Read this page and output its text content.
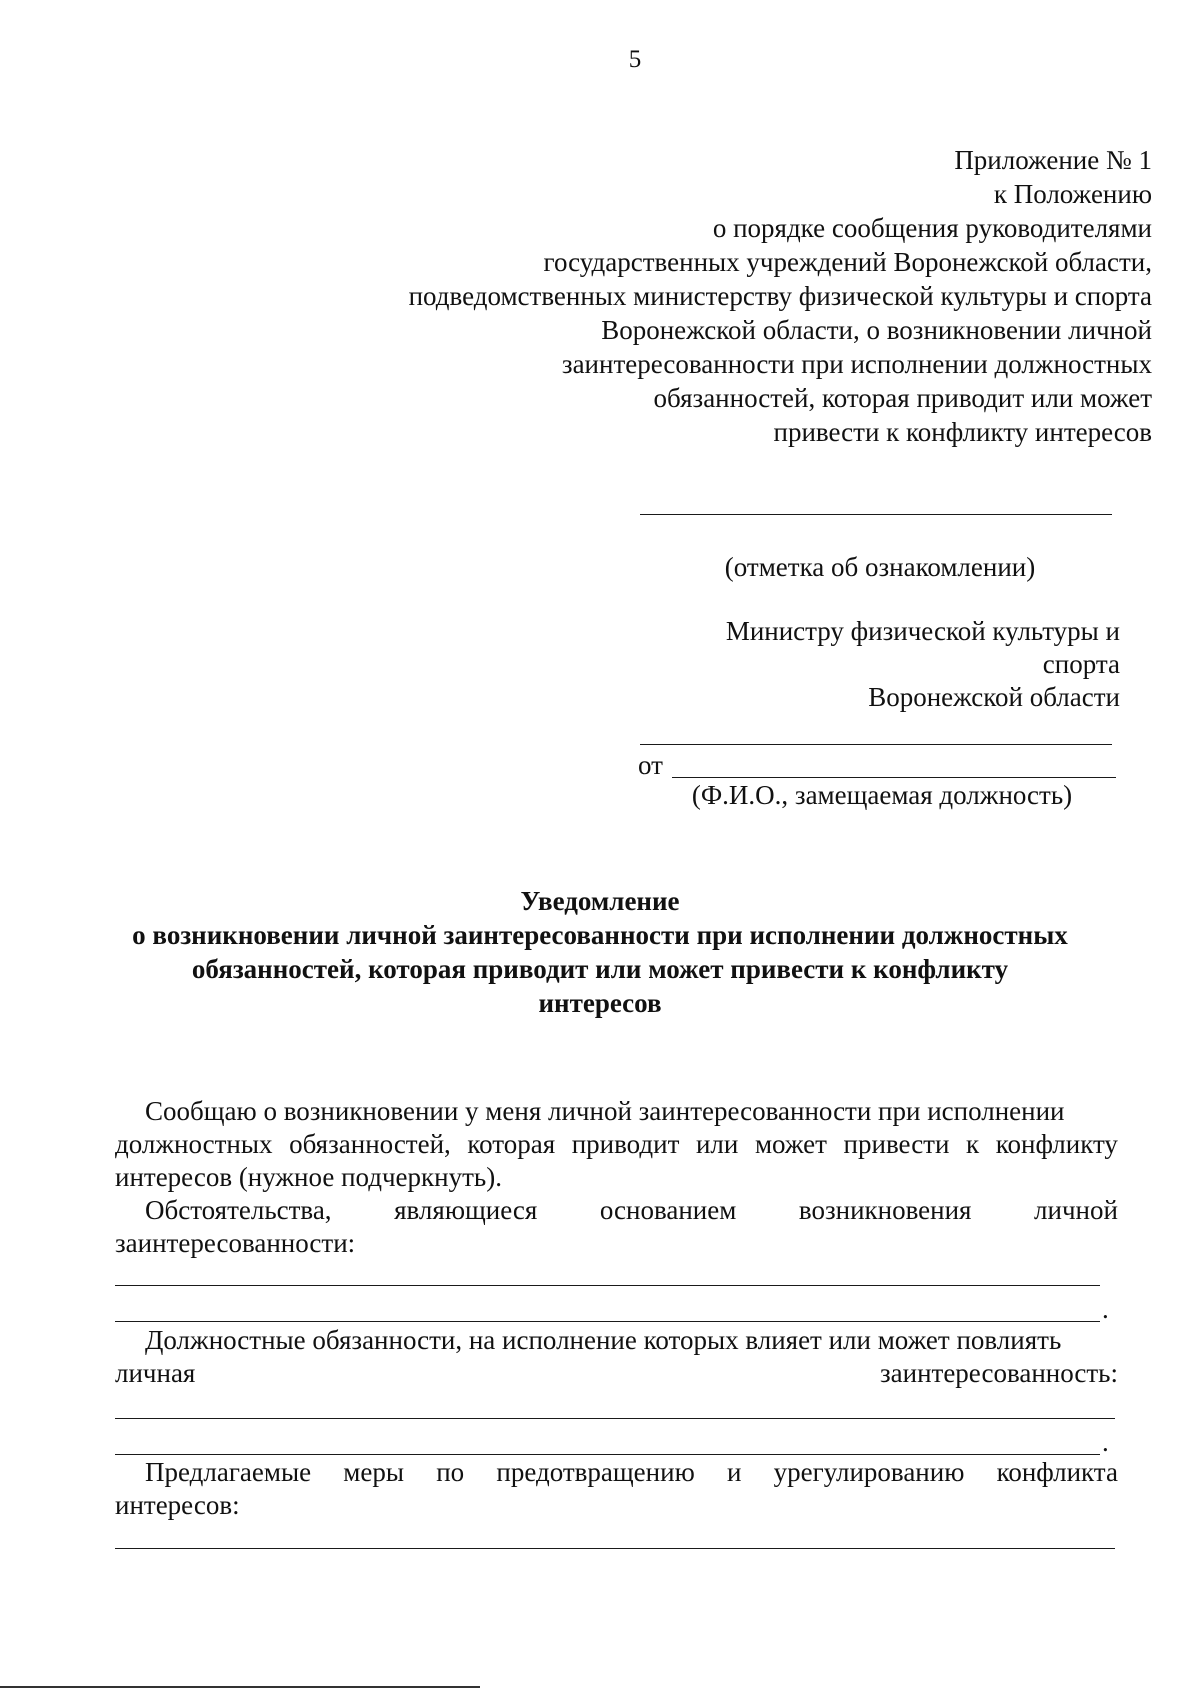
5
Приложение № 1
к Положению
о порядке сообщения руководителями
государственных учреждений Воронежской области,
подведомственных министерству физической культуры и спорта
Воронежской области, о возникновении личной
заинтересованности при исполнении должностных
обязанностей, которая приводит или может
привести к конфликту интересов
(отметка об ознакомлении)
Министру физической культуры и
спорта
Воронежской области
от
(Ф.И.О., замещаемая должность)
Уведомление
о возникновении личной заинтересованности при исполнении должностных
обязанностей, которая приводит или может привести к конфликту
интересов
Сообщаю о возникновении у меня личной заинтересованности при исполнении
должностных обязанностей, которая приводит или может привести к конфликту
интересов (нужное подчеркнуть).
Обстоятельства, являющиеся основанием возникновения личной
заинтересованности:
.
Должностные обязанности, на исполнение которых влияет или может повлиять
личная	заинтересованность:
.
Предлагаемые меры по предотвращению и урегулированию конфликта
интересов:
